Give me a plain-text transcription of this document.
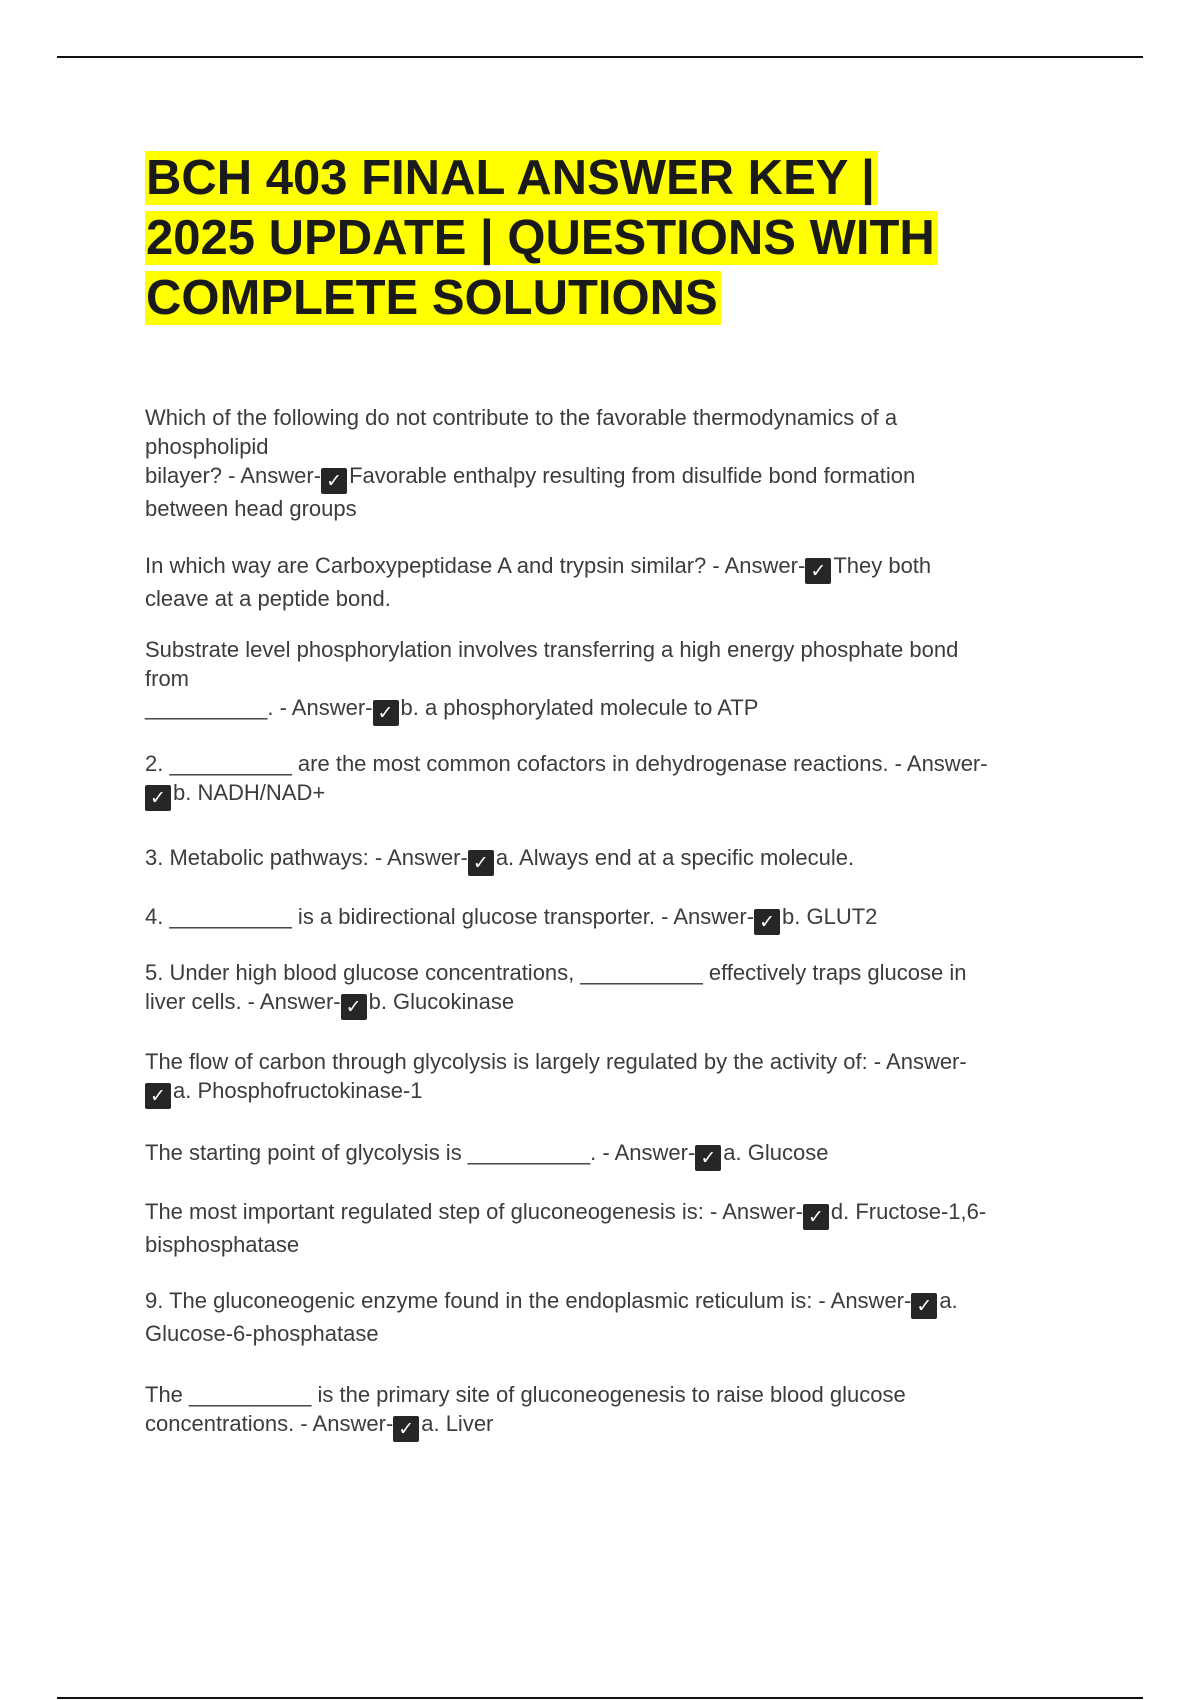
BCH 403 FINAL ANSWER KEY |
2025 UPDATE | QUESTIONS WITH
COMPLETE SOLUTIONS

Which of the following do not contribute to the favorable thermodynamics of a
phospholipid
bilayer? - Answer- ✓ Favorable enthalpy resulting from disulfide bond formation
between head groups

In which way are Carboxypeptidase A and trypsin similar? - Answer- ✓ They both
cleave at a peptide bond.

Substrate level phosphorylation involves transferring a high energy phosphate bond
from
__________. - Answer- ✓ b. a phosphorylated molecule to ATP

2. __________ are the most common cofactors in dehydrogenase reactions. - Answer-
✓ b. NADH/NAD+

3. Metabolic pathways: - Answer- ✓ a. Always end at a specific molecule.

4. __________ is a bidirectional glucose transporter. - Answer- ✓ b. GLUT2

5. Under high blood glucose concentrations, __________ effectively traps glucose in
liver cells. - Answer- ✓ b. Glucokinase

The flow of carbon through glycolysis is largely regulated by the activity of: - Answer-
✓ a. Phosphofructokinase-1

The starting point of glycolysis is __________. - Answer- ✓ a. Glucose

The most important regulated step of gluconeogenesis is: - Answer- ✓ d. Fructose-1,6-
bisphosphatase

9. The gluconeogenic enzyme found in the endoplasmic reticulum is: - Answer- ✓ a.
Glucose-6-phosphatase

The __________ is the primary site of gluconeogenesis to raise blood glucose
concentrations. - Answer- ✓ a. Liver
